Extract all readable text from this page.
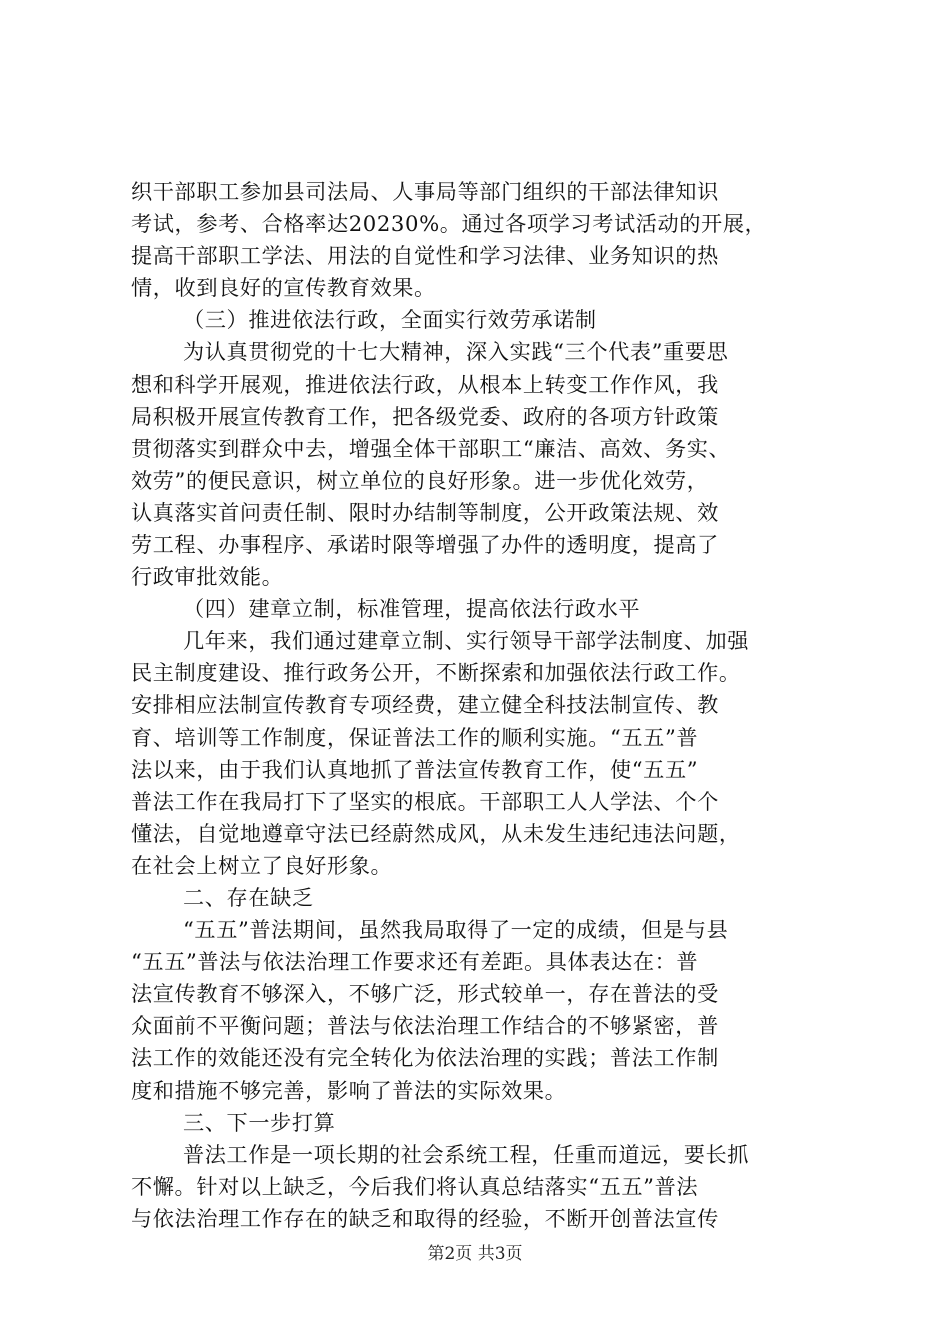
织干部职工参加县司法局、人事局等部门组织的干部法律知识
考试，参考、合格率达20230%。通过各项学习考试活动的开展，
提高干部职工学法、用法的自觉性和学习法律、业务知识的热
情，收到良好的宣传教育效果。
（三）推进依法行政，全面实行效劳承诺制
为认真贯彻党的十七大精神，深入实践“三个代表”重要思
想和科学开展观，推进依法行政，从根本上转变工作作风，我
局积极开展宣传教育工作，把各级党委、政府的各项方针政策
贯彻落实到群众中去，增强全体干部职工“廉洁、高效、务实、
效劳”的便民意识，树立单位的良好形象。进一步优化效劳，
认真落实首问责任制、限时办结制等制度，公开政策法规、效
劳工程、办事程序、承诺时限等增强了办件的透明度，提高了
行政审批效能。
（四）建章立制，标准管理，提高依法行政水平
几年来，我们通过建章立制、实行领导干部学法制度、加强
民主制度建设、推行政务公开，不断探索和加强依法行政工作。
安排相应法制宣传教育专项经费，建立健全科技法制宣传、教
育、培训等工作制度，保证普法工作的顺利实施。“五五”普
法以来，由于我们认真地抓了普法宣传教育工作，使“五五”
普法工作在我局打下了坚实的根底。干部职工人人学法、个个
懂法，自觉地遵章守法已经蔚然成风，从未发生违纪违法问题，
在社会上树立了良好形象。
二、存在缺乏
“五五”普法期间，虽然我局取得了一定的成绩，但是与县
“五五”普法与依法治理工作要求还有差距。具体表达在：普
法宣传教育不够深入，不够广泛，形式较单一，存在普法的受
众面前不平衡问题；普法与依法治理工作结合的不够紧密，普
法工作的效能还没有完全转化为依法治理的实践；普法工作制
度和措施不够完善，影响了普法的实际效果。
三、下一步打算
普法工作是一项长期的社会系统工程，任重而道远，要长抓
不懈。针对以上缺乏，今后我们将认真总结落实“五五”普法
与依法治理工作存在的缺乏和取得的经验，不断开创普法宣传
第2页 共3页
